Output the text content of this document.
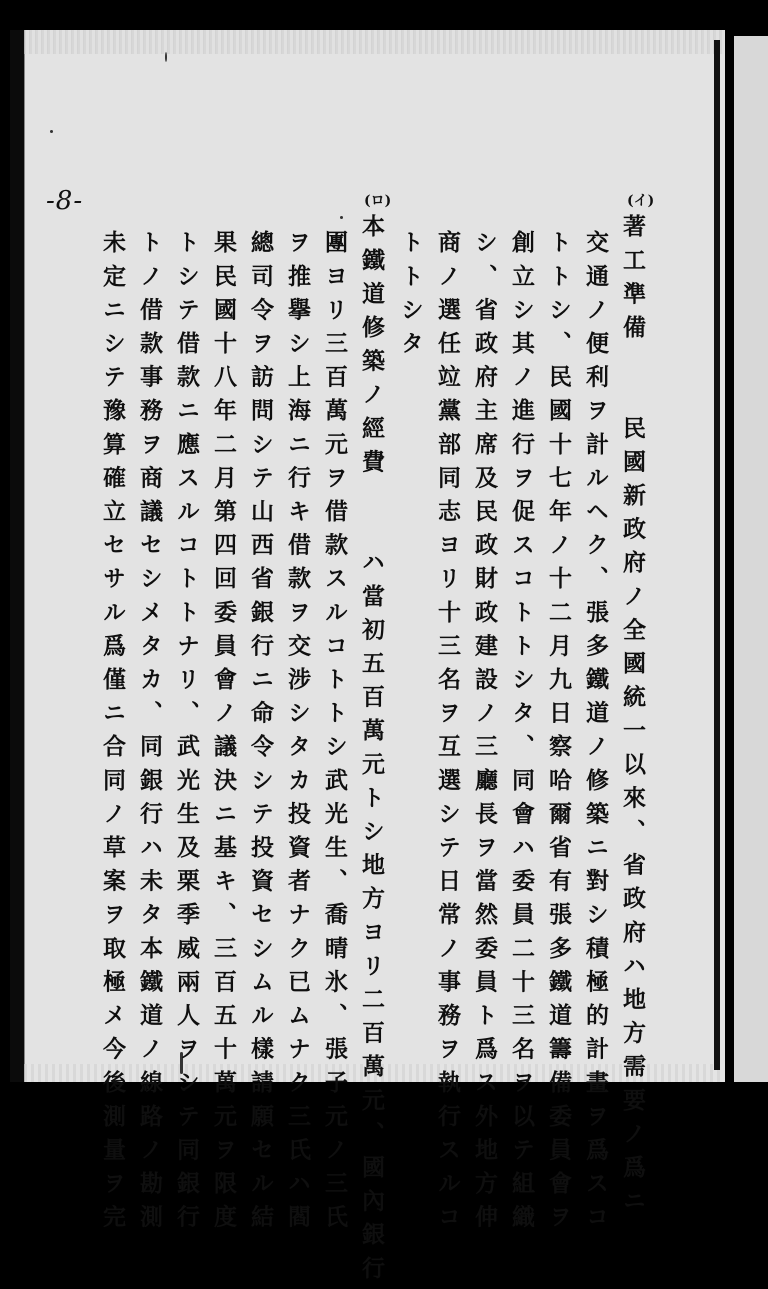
-8-	(イ)
(ロ)
著工準備　　民國新政府ノ全國統一以來、省政府ハ地方需要ノ爲ニ
交通ノ便利ヲ計ルヘク、張多鐵道ノ修築ニ對シ積極的計畫ヲ爲スコ
トトシ、民國十七年ノ十二月九日察哈爾省有張多鐵道籌備委員會ヲ
創立シ其ノ進行ヲ促スコトトシタ、同會ハ委員二十三名ヲ以テ組織
シ、省政府主席及民政財政建設ノ三廳長ヲ當然委員ト爲ス外地方伸
商ノ選任竝黨部同志ヨリ十三名ヲ互選シテ日常ノ事務ヲ執行スルコ
トトシタ
本鐵道修築ノ經費　　ハ當初五百萬元トシ地方ヨリ二百萬元、國內銀行
團ヨリ三百萬元ヲ借款スルコトトシ武光生、喬晴氷、張子元ノ三氏
ヲ推擧シ上海ニ行キ借款ヲ交涉シタカ投資者ナク已ムナク三氏ハ閻
總司令ヲ訪問シテ山西省銀行ニ命令シテ投資セシムル樣請願セル結
果民國十八年二月第四回委員會ノ議決ニ基キ、三百五十萬元ヲ限度
トシテ借款ニ應スルコトトナリ、武光生及栗季威兩人ヲシテ同銀行
トノ借款事務ヲ商議セシメタカ、同銀行ハ未タ本鐵道ノ線路ノ勘測
未定ニシテ豫算確立セサル爲僅ニ合同ノ草案ヲ取極メ今後測量ヲ完
